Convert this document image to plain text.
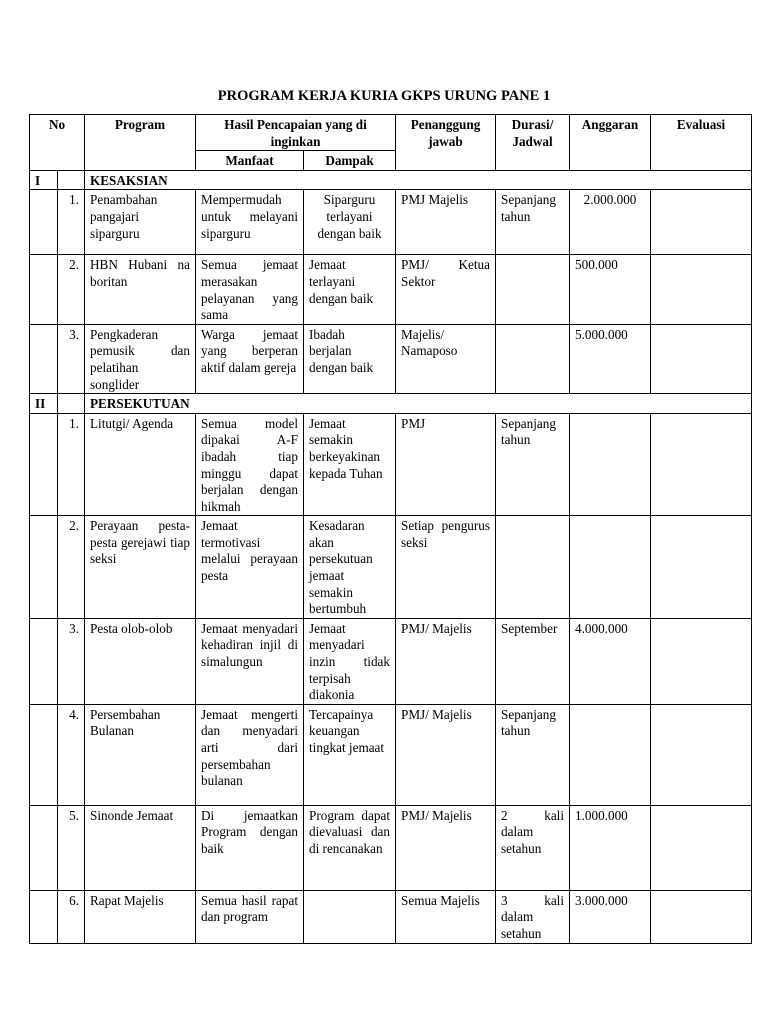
PROGRAM KERJA KURIA GKPS URUNG PANE 1
No		Program	Hasil Pencapaian yang di inginkan		Penanggung jawab	Durasi/ Jadwal	Anggaran	Evaluasi
			Manfaat	Dampak				
I		KESAKSIAN						
	1.	Penambahan pangajari siparguru	Mempermudah untuk melayani siparguru	Siparguru terlayani dengan baik	PMJ Majelis	Sepanjang tahun	2.000.000	
	2.	HBN Hubani na boritan	Semua jemaat merasakan pelayanan yang sama	Jemaat terlayani dengan baik	PMJ/ Ketua Sektor		500.000	
	3.	Pengkaderan pemusik dan pelatihan songlider	Warga jemaat yang berperan aktif dalam gereja	Ibadah berjalan dengan baik	Majelis/ Namaposo		5.000.000	
II		PERSEKUTUAN						
	1.	Litutgi/ Agenda	Semua model dipakai A-F ibadah tiap minggu dapat berjalan dengan hikmah	Jemaat semakin berkeyakinan kepada Tuhan	PMJ	Sepanjang tahun		
	2.	Perayaan pesta-pesta gerejawi tiap seksi	Jemaat termotivasi melalui perayaan pesta	Kesadaran akan persekutuan jemaat semakin bertumbuh	Setiap pengurus seksi			
	3.	Pesta olob-olob	Jemaat menyadari kehadiran injil di simalungun	Jemaat menyadari inzin tidak terpisah diakonia	PMJ/ Majelis	September	4.000.000	
	4.	Persembahan Bulanan	Jemaat mengerti dan menyadari arti dari persembahan bulanan	Tercapainya keuangan tingkat jemaat	PMJ/ Majelis	Sepanjang tahun		
	5.	Sinonde Jemaat	Di jemaatkan Program dengan baik	Program dapat dievaluasi dan di rencanakan	PMJ/ Majelis	2 kali dalam setahun	1.000.000	
	6.	Rapat Majelis	Semua hasil rapat dan program		Semua Majelis	3 kali dalam setahun	3.000.000	
